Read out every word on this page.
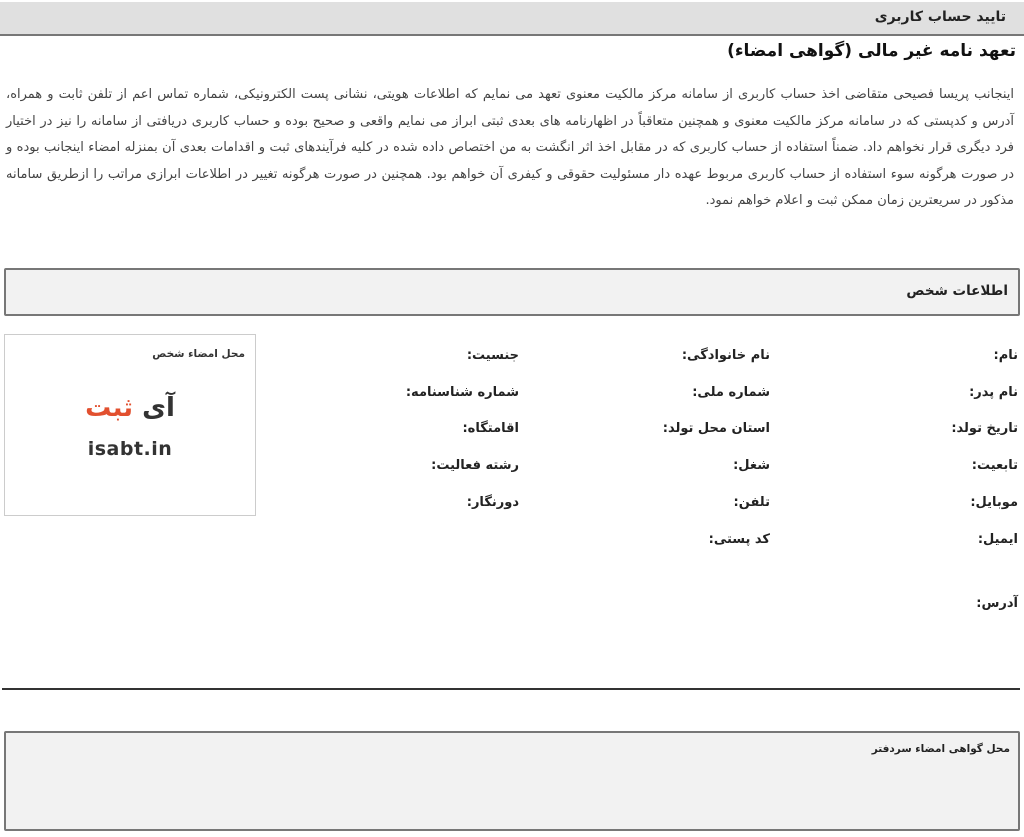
تایید حساب کاربری
تعهد نامه غیر مالی (گواهی امضاء)

اینجانب پریسا فصیحی متقاضی اخذ حساب کاربری از سامانه مرکز مالکیت معنوی تعهد می نمایم که اطلاعات هویتی، نشانی پست الکترونیکی، شماره تماس اعم از تلفن ثابت و همراه، آدرس و کدپستی که در سامانه مرکز مالکیت معنوی و همچنین متعاقباً در اظهارنامه های بعدی ثبتی ابراز می نمایم واقعی و صحیح بوده و حساب کاربری دریافتی از سامانه را نیز در اختیار فرد دیگری قرار نخواهم داد. ضمناً استفاده از حساب کاربری که در مقابل اخذ اثر انگشت به من اختصاص داده شده در کلیه فرآیندهای ثبت و اقدامات بعدی آن بمنزله امضاء اینجانب بوده و در صورت هرگونه سوء استفاده از حساب کاربری مربوط عهده دار مسئولیت حقوقی و کیفری آن خواهم بود. همچنین در صورت هرگونه تغییر در اطلاعات ابرازی مراتب را ازطریق سامانه مذکور در سریعترین زمان ممکن ثبت و اعلام خواهم نمود.

اطلاعات شخص
محل امضاء شخص
آی ثبت
isabt.in
نام:
نام پدر:
تاریخ تولد:
تابعیت:
موبایل:
ایمیل:
نام خانوادگی:
شماره ملی:
استان محل تولد:
شغل:
تلفن:
کد پستی:
جنسیت:
شماره شناسنامه:
اقامتگاه:
رشته فعالیت:
دورنگار:
آدرس:
محل گواهی امضاء سردفتر
